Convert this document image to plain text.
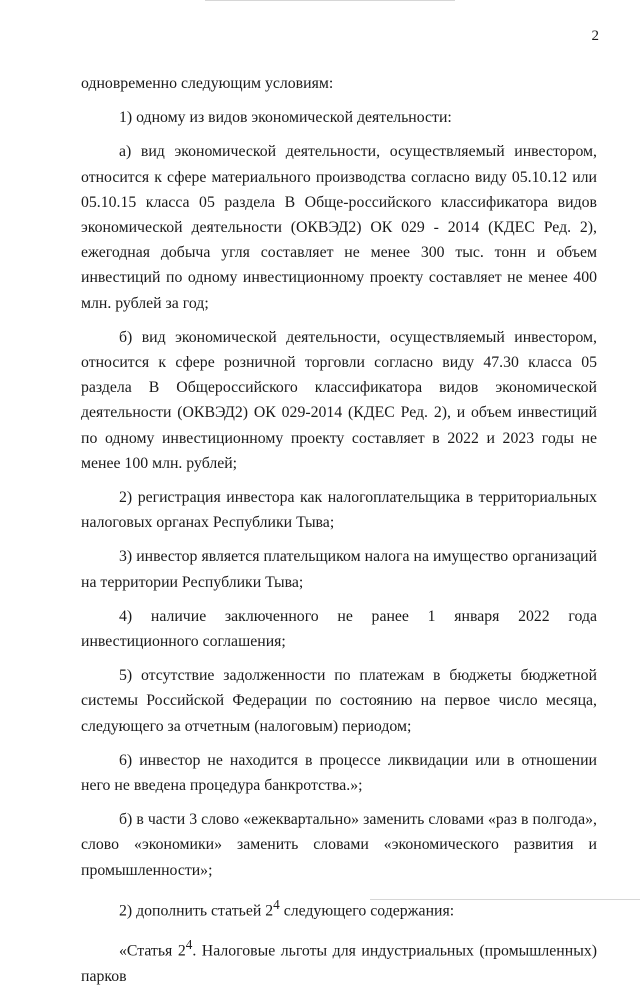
2

одновременно следующим условиям:

1) одному из видов экономической деятельности:

а) вид экономической деятельности, осуществляемый инвестором, относится к сфере материального производства согласно виду 05.10.12 или 05.10.15 класса 05 раздела В Обще-российского классификатора видов экономической деятельности (ОКВЭД2) ОК 029 - 2014 (КДЕС Ред. 2), ежегодная добыча угля составляет не менее 300 тыс. тонн и объем инвестиций по одному инвестиционному проекту составляет не менее 400 млн. рублей за год;

б) вид экономической деятельности, осуществляемый инвестором, относится к сфере розничной торговли согласно виду 47.30 класса 05 раздела В Общероссийского классификатора видов экономической деятельности (ОКВЭД2) ОК 029-2014 (КДЕС Ред. 2), и объем инвестиций по одному инвестиционному проекту составляет в 2022 и 2023 годы не менее 100 млн. рублей;

2) регистрация инвестора как налогоплательщика в территориальных налоговых органах Республики Тыва;

3) инвестор является плательщиком налога на имущество организаций на территории Республики Тыва;

4) наличие заключенного не ранее 1 января 2022 года инвестиционного соглашения;

5) отсутствие задолженности по платежам в бюджеты бюджетной системы Российской Федерации по состоянию на первое число месяца, следующего за отчетным (налоговым) периодом;

6) инвестор не находится в процессе ликвидации или в отношении него не введена процедура банкротства.»;

б) в части 3 слово «ежеквартально» заменить словами «раз в полгода», слово «экономики» заменить словами «экономического развития и промышленности»;

2) дополнить статьей $2^4$ следующего содержания:

«Статья $2^4$. Налоговые льготы для индустриальных (промышленных) парков
